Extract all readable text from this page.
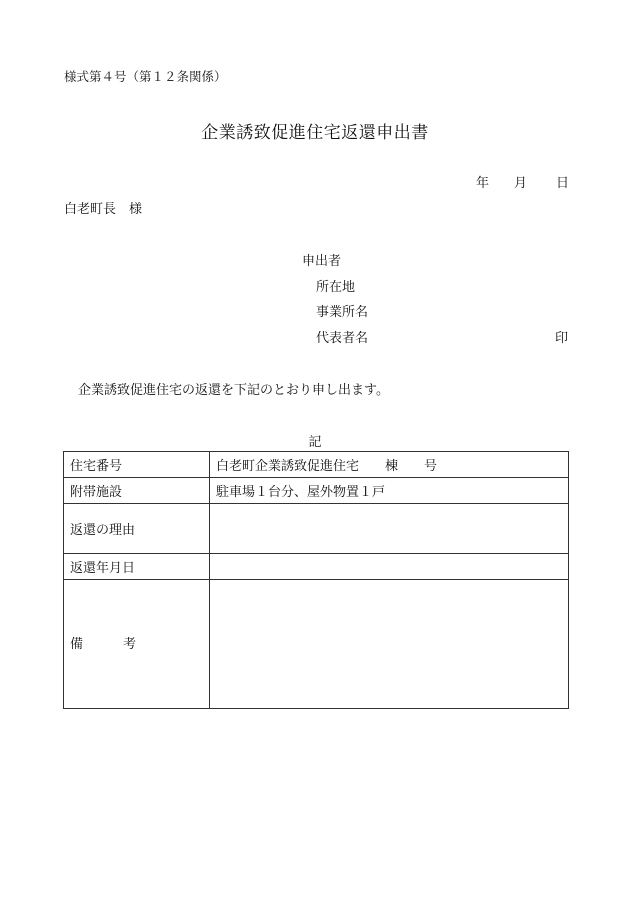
様式第４号（第１２条関係）
企業誘致促進住宅返還申出書
年 月 日
白老町長　様
申出者
所在地
事業所名
代表者名	印
企業誘致促進住宅の返還を下記のとおり申し出ます。
記
住宅番号	白老町企業誘致促進住宅　　棟　　号
附帯施設	駐車場１台分、屋外物置１戸
返還の理由	
返還年月日	

備 考	
